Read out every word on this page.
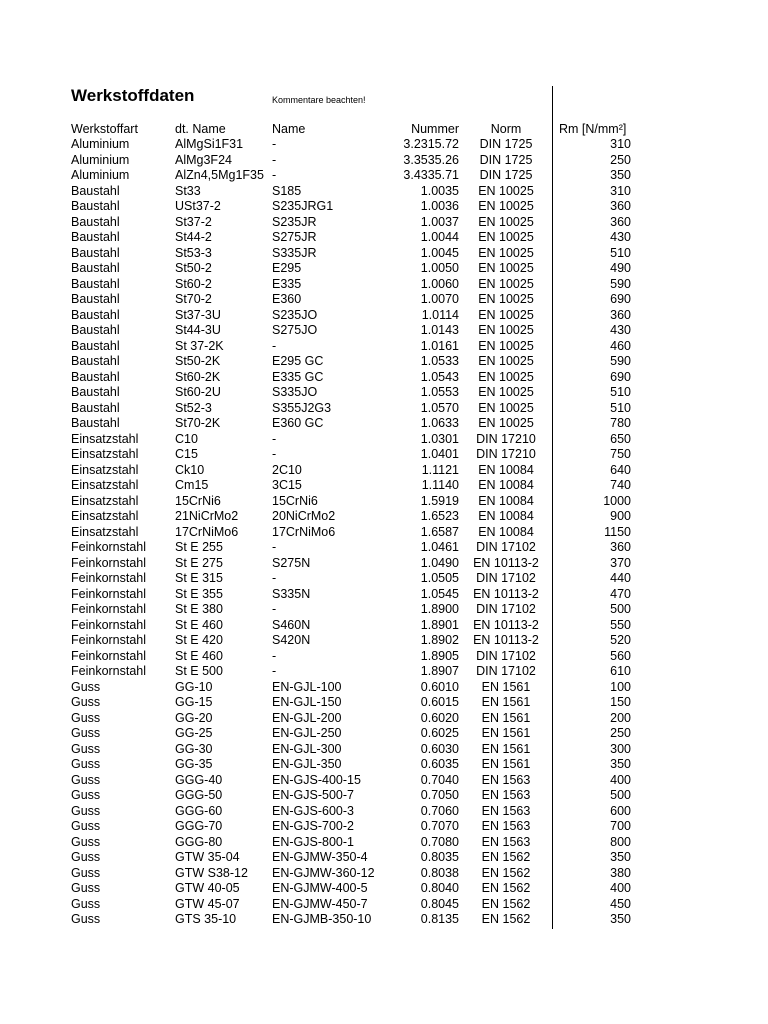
Werkstoffdaten	Kommentare beachten!
Werkstoffart	dt. Name	Name	Nummer	Norm	Rm [N/mm²]
Aluminium	AlMgSi1F31	-	3.2315.72	DIN 1725	310
Aluminium	AlMg3F24	-	3.3535.26	DIN 1725	250
Aluminium	AlZn4,5Mg1F35	-	3.4335.71	DIN 1725	350
Baustahl	St33	S185	1.0035	EN 10025	310
Baustahl	USt37-2	S235JRG1	1.0036	EN 10025	360
Baustahl	St37-2	S235JR	1.0037	EN 10025	360
Baustahl	St44-2	S275JR	1.0044	EN 10025	430
Baustahl	St53-3	S335JR	1.0045	EN 10025	510
Baustahl	St50-2	E295	1.0050	EN 10025	490
Baustahl	St60-2	E335	1.0060	EN 10025	590
Baustahl	St70-2	E360	1.0070	EN 10025	690
Baustahl	St37-3U	S235JO	1.0114	EN 10025	360
Baustahl	St44-3U	S275JO	1.0143	EN 10025	430
Baustahl	St 37-2K	-	1.0161	EN 10025	460
Baustahl	St50-2K	E295 GC	1.0533	EN 10025	590
Baustahl	St60-2K	E335 GC	1.0543	EN 10025	690
Baustahl	St60-2U	S335JO	1.0553	EN 10025	510
Baustahl	St52-3	S355J2G3	1.0570	EN 10025	510
Baustahl	St70-2K	E360 GC	1.0633	EN 10025	780
Einsatzstahl	C10	-	1.0301	DIN 17210	650
Einsatzstahl	C15	-	1.0401	DIN 17210	750
Einsatzstahl	Ck10	2C10	1.1121	EN 10084	640
Einsatzstahl	Cm15	3C15	1.1140	EN 10084	740
Einsatzstahl	15CrNi6	15CrNi6	1.5919	EN 10084	1000
Einsatzstahl	21NiCrMo2	20NiCrMo2	1.6523	EN 10084	900
Einsatzstahl	17CrNiMo6	17CrNiMo6	1.6587	EN 10084	1150
Feinkornstahl	St E 255	-	1.0461	DIN 17102	360
Feinkornstahl	St E 275	S275N	1.0490	EN 10113-2	370
Feinkornstahl	St E 315	-	1.0505	DIN 17102	440
Feinkornstahl	St E 355	S335N	1.0545	EN 10113-2	470
Feinkornstahl	St E 380	-	1.8900	DIN 17102	500
Feinkornstahl	St E 460	S460N	1.8901	EN 10113-2	550
Feinkornstahl	St E 420	S420N	1.8902	EN 10113-2	520
Feinkornstahl	St E 460	-	1.8905	DIN 17102	560
Feinkornstahl	St E 500	-	1.8907	DIN 17102	610
Guss	GG-10	EN-GJL-100	0.6010	EN 1561	100
Guss	GG-15	EN-GJL-150	0.6015	EN 1561	150
Guss	GG-20	EN-GJL-200	0.6020	EN 1561	200
Guss	GG-25	EN-GJL-250	0.6025	EN 1561	250
Guss	GG-30	EN-GJL-300	0.6030	EN 1561	300
Guss	GG-35	EN-GJL-350	0.6035	EN 1561	350
Guss	GGG-40	EN-GJS-400-15	0.7040	EN 1563	400
Guss	GGG-50	EN-GJS-500-7	0.7050	EN 1563	500
Guss	GGG-60	EN-GJS-600-3	0.7060	EN 1563	600
Guss	GGG-70	EN-GJS-700-2	0.7070	EN 1563	700
Guss	GGG-80	EN-GJS-800-1	0.7080	EN 1563	800
Guss	GTW 35-04	EN-GJMW-350-4	0.8035	EN 1562	350
Guss	GTW S38-12	EN-GJMW-360-12	0.8038	EN 1562	380
Guss	GTW 40-05	EN-GJMW-400-5	0.8040	EN 1562	400
Guss	GTW 45-07	EN-GJMW-450-7	0.8045	EN 1562	450
Guss	GTS 35-10	EN-GJMB-350-10	0.8135	EN 1562	350
